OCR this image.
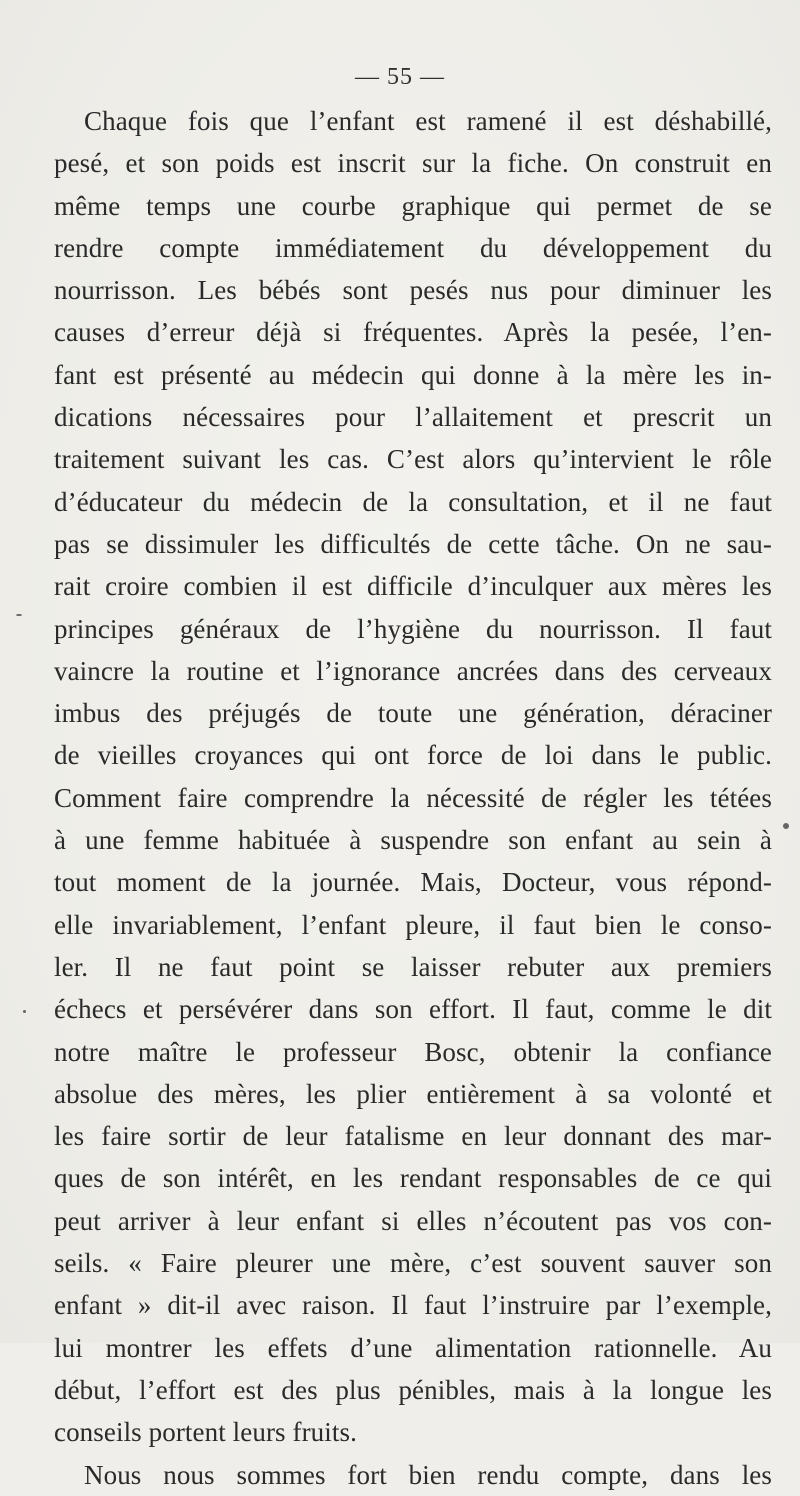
— 55 —
Chaque fois que l’enfant est ramené il est déshabillé,
pesé, et son poids est inscrit sur la fiche. On construit en
même temps une courbe graphique qui permet de se
rendre compte immédiatement du développement du
nourrisson. Les bébés sont pesés nus pour diminuer les
causes d’erreur déjà si fréquentes. Après la pesée, l’en-
fant est présenté au médecin qui donne à la mère les in-
dications nécessaires pour l’allaitement et prescrit un
traitement suivant les cas. C’est alors qu’intervient le rôle
d’éducateur du médecin de la consultation, et il ne faut
pas se dissimuler les difficultés de cette tâche. On ne sau-
rait croire combien il est difficile d’inculquer aux mères les
principes généraux de l’hygiène du nourrisson. Il faut
vaincre la routine et l’ignorance ancrées dans des cerveaux
imbus des préjugés de toute une génération, déraciner
de vieilles croyances qui ont force de loi dans le public.
Comment faire comprendre la nécessité de régler les tétées
à une femme habituée à suspendre son enfant au sein à
tout moment de la journée. Mais, Docteur, vous répond-
elle invariablement, l’enfant pleure, il faut bien le conso-
ler. Il ne faut point se laisser rebuter aux premiers
échecs et persévérer dans son effort. Il faut, comme le dit
notre maître le professeur Bosc, obtenir la confiance
absolue des mères, les plier entièrement à sa volonté et
les faire sortir de leur fatalisme en leur donnant des mar-
ques de son intérêt, en les rendant responsables de ce qui
peut arriver à leur enfant si elles n’écoutent pas vos con-
seils. « Faire pleurer une mère, c’est souvent sauver son
enfant » dit-il avec raison. Il faut l’instruire par l’exemple,
lui montrer les effets d’une alimentation rationnelle. Au
début, l’effort est des plus pénibles, mais à la longue les
conseils portent leurs fruits.
Nous nous sommes fort bien rendu compte, dans les
